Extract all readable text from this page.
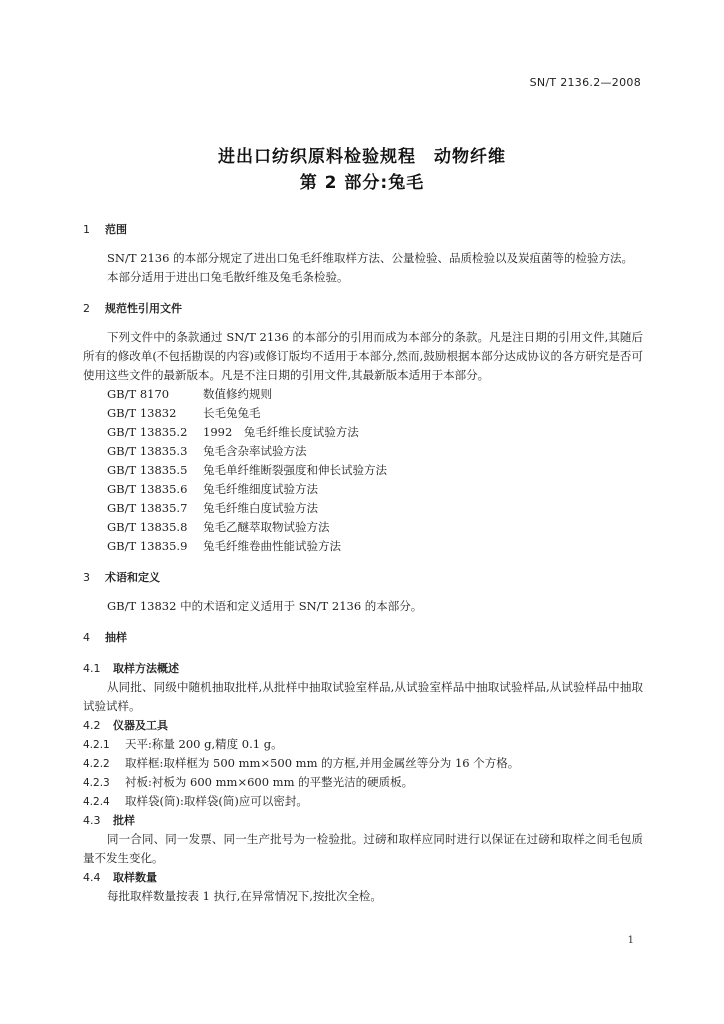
SN/T 2136.2—2008
进出口纺织原料检验规程　动物纤维
第 2 部分:兔毛
1	范围

SN/T 2136 的本部分规定了进出口兔毛纤维取样方法、公量检验、品质检验以及炭疽菌等的检验方法。

本部分适用于进出口兔毛散纤维及兔毛条检验。

2	规范性引用文件

下列文件中的条款通过 SN/T 2136 的本部分的引用而成为本部分的条款。凡是注日期的引用文件,其随后所有的修改单(不包括勘误的内容)或修订版均不适用于本部分,然而,鼓励根据本部分达成协议的各方研究是否可使用这些文件的最新版本。凡是不注日期的引用文件,其最新版本适用于本部分。

GB/T 8170	数值修约规则
GB/T 13832 长毛兔兔毛
GB/T 13835.2 1992　兔毛纤维长度试验方法
GB/T 13835.3 兔毛含杂率试验方法
GB/T 13835.5 兔毛单纤维断裂强度和伸长试验方法
GB/T 13835.6 兔毛纤维细度试验方法
GB/T 13835.7 兔毛纤维白度试验方法
GB/T 13835.8 兔毛乙醚萃取物试验方法
GB/T 13835.9 兔毛纤维卷曲性能试验方法
3	术语和定义

GB/T 13832 中的术语和定义适用于 SN/T 2136 的本部分。

4	抽样
4.1	取样方法概述

从同批、同级中随机抽取批样,从批样中抽取试验室样品,从试验室样品中抽取试验样品,从试验样品中抽取试验试样。

4.2	仪器及工具
4.2.1 天平:称量 200 g,精度 0.1 g。
4.2.2 取样框:取样框为 500 mm×500 mm 的方框,并用金属丝等分为 16 个方格。
4.2.3 衬板:衬板为 600 mm×600 mm 的平整光洁的硬质板。
4.2.4 取样袋(筒):取样袋(筒)应可以密封。
4.3	批样

同一合同、同一发票、同一生产批号为一检验批。过磅和取样应同时进行以保证在过磅和取样之间毛包质量不发生变化。

4.4	取样数量

每批取样数量按表 1 执行,在异常情况下,按批次全检。

1
